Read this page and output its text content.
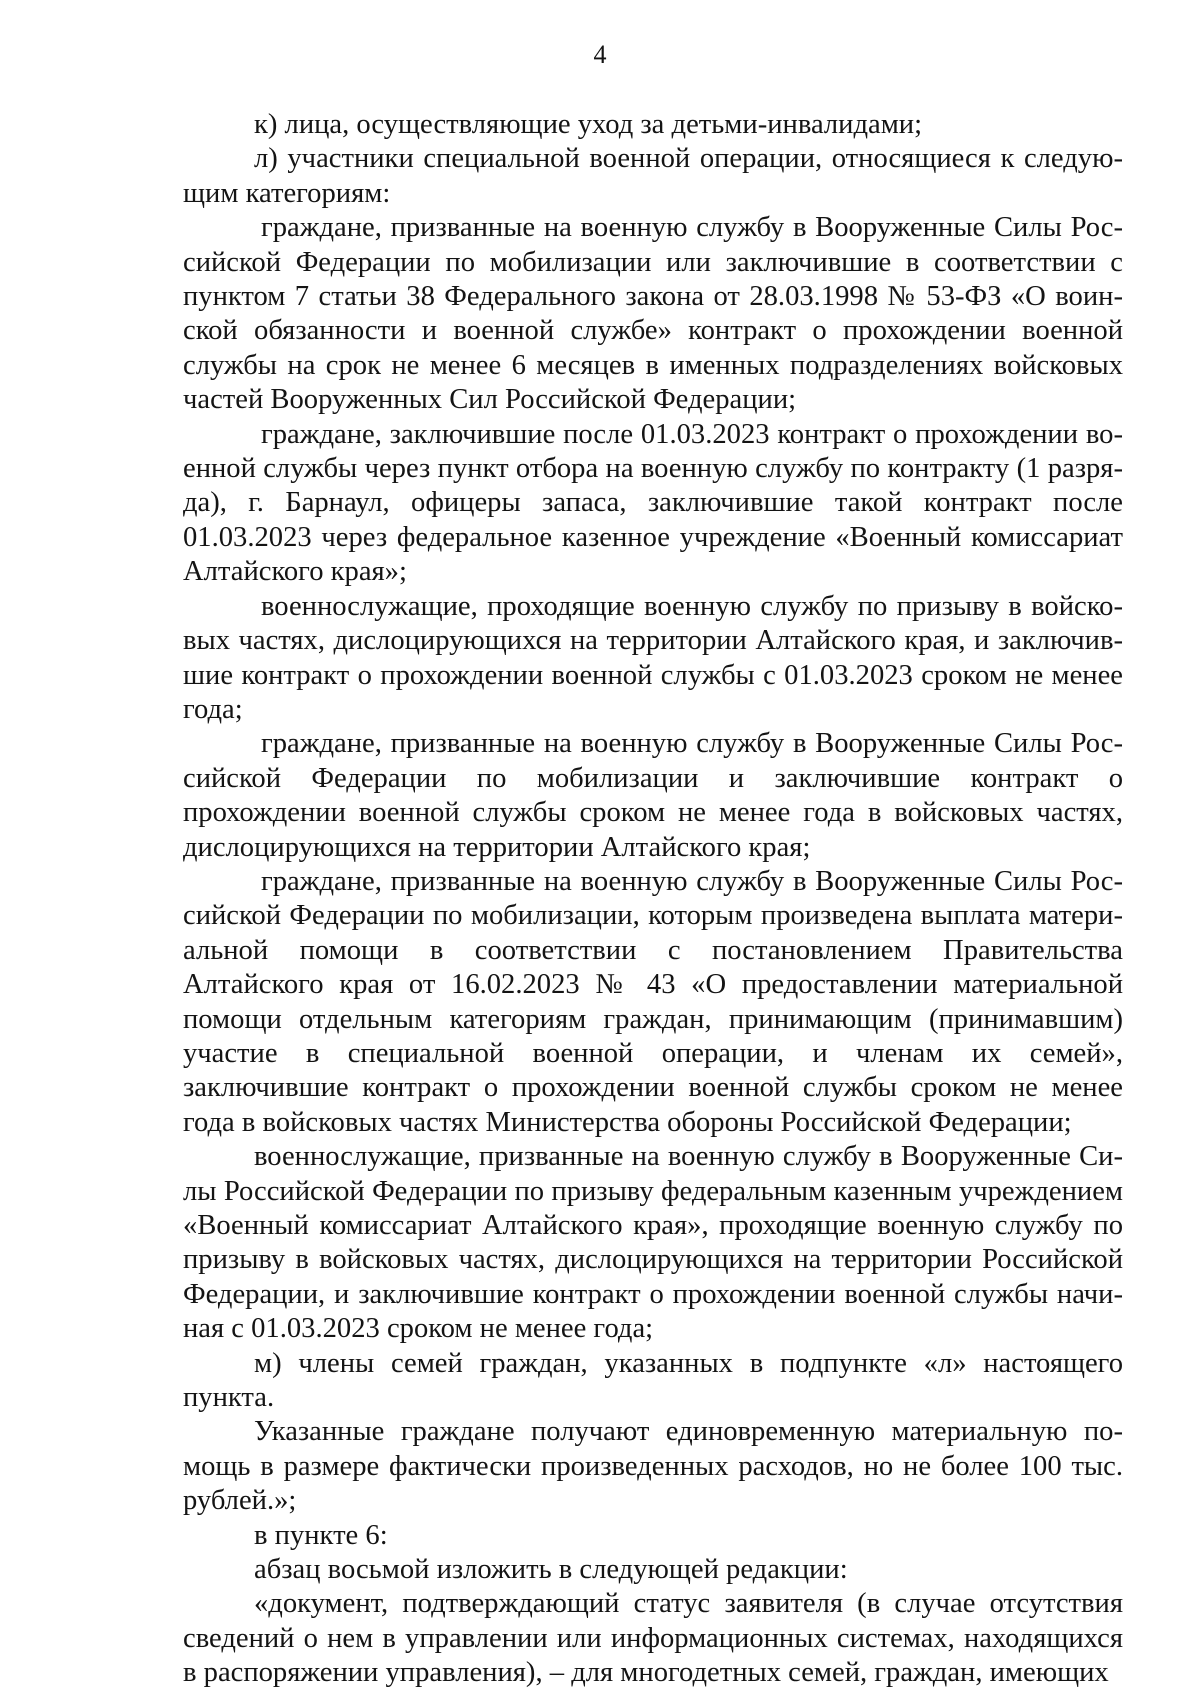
4

к) лица, осуществляющие уход за детьми-инвалидами;

л) участники специальной военной операции, относящиеся к следующим категориям:

граждане, призванные на военную службу в Вооруженные Силы Российской Федерации по мобилизации или заключившие в соответствии с пунктом 7 статьи 38 Федерального закона от 28.03.1998 № 53-ФЗ «О воинской обязанности и военной службе» контракт о прохождении военной службы на срок не менее 6 месяцев в именных подразделениях войсковых частей Вооруженных Сил Российской Федерации;

граждане, заключившие после 01.03.2023 контракт о прохождении военной службы через пункт отбора на военную службу по контракту (1 разряда), г. Барнаул, офицеры запаса, заключившие такой контракт после 01.03.2023 через федеральное казенное учреждение «Военный комиссариат Алтайского края»;

военнослужащие, проходящие военную службу по призыву в войсковых частях, дислоцирующихся на территории Алтайского края, и заключившие контракт о прохождении военной службы с 01.03.2023 сроком не менее года;

граждане, призванные на военную службу в Вооруженные Силы Российской Федерации по мобилизации и заключившие контракт о прохождении военной службы сроком не менее года в войсковых частях, дислоцирующихся на территории Алтайского края;

граждане, призванные на военную службу в Вооруженные Силы Российской Федерации по мобилизации, которым произведена выплата материальной помощи в соответствии с постановлением Правительства Алтайского края от 16.02.2023 № 43 «О предоставлении материальной помощи отдельным категориям граждан, принимающим (принимавшим) участие в специальной военной операции, и членам их семей», заключившие контракт о прохождении военной службы сроком не менее года в войсковых частях Министерства обороны Российской Федерации;

военнослужащие, призванные на военную службу в Вооруженные Силы Российской Федерации по призыву федеральным казенным учреждением «Военный комиссариат Алтайского края», проходящие военную службу по призыву в войсковых частях, дислоцирующихся на территории Российской Федерации, и заключившие контракт о прохождении военной службы начиная с 01.03.2023 сроком не менее года;

м) члены семей граждан, указанных в подпункте «л» настоящего пункта.

Указанные граждане получают единовременную материальную помощь в размере фактически произведенных расходов, но не более 100 тыс. рублей.»;

в пункте 6:

абзац восьмой изложить в следующей редакции:

«документ, подтверждающий статус заявителя (в случае отсутствия сведений о нем в управлении или информационных системах, находящихся в распоряжении управления), – для многодетных семей, граждан, имеющих
